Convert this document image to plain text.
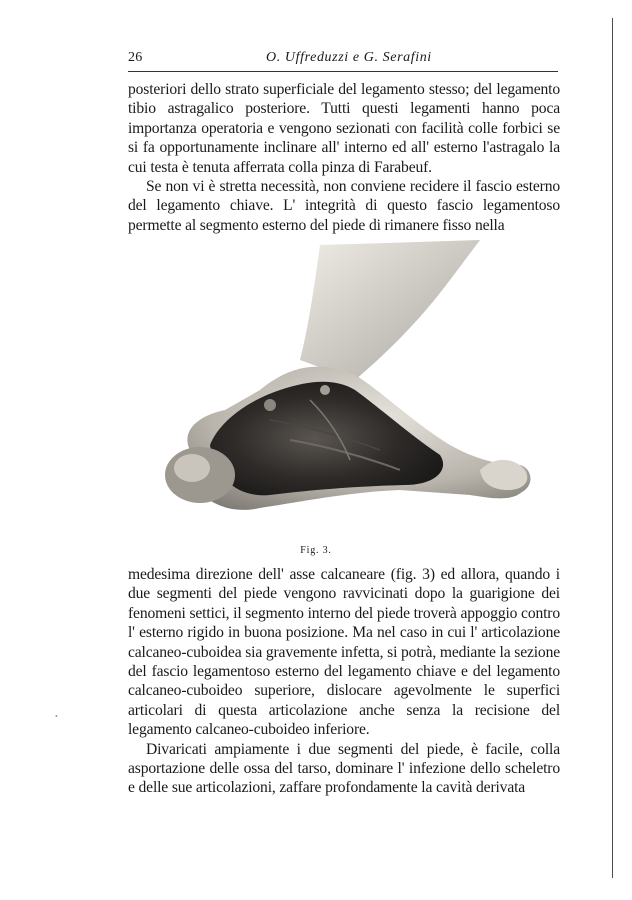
26	O. Uffreduzzi e G. Serafini

posteriori dello strato superficiale del legamento stesso; del legamento tibio astragalico posteriore. Tutti questi legamenti hanno poca importanza operatoria e vengono sezionati con facilità colle forbici se si fa opportunamente inclinare all' interno ed all' esterno l'astragalo la cui testa è tenuta afferrata colla pinza di Farabeuf.

Se non vi è stretta necessità, non conviene recidere il fascio esterno del legamento chiave. L' integrità di questo fascio legamentoso permette al segmento esterno del piede di rimanere fisso nella

Fig. 3.

medesima direzione dell' asse calcaneare (fig. 3) ed allora, quando i due segmenti del piede vengono ravvicinati dopo la guarigione dei fenomeni settici, il segmento interno del piede troverà appoggio contro l' esterno rigido in buona posizione. Ma nel caso in cui l' articolazione calcaneo-cuboidea sia gravemente infetta, si potrà, mediante la sezione del fascio legamentoso esterno del legamento chiave e del legamento calcaneo-cuboideo superiore, dislocare agevolmente le superfici articolari di questa articolazione anche senza la recisione del legamento calcaneo-cuboideo inferiore.

Divaricati ampiamente i due segmenti del piede, è facile, colla asportazione delle ossa del tarso, dominare l' infezione dello scheletro e delle sue articolazioni, zaffare profondamente la cavità derivata

•
